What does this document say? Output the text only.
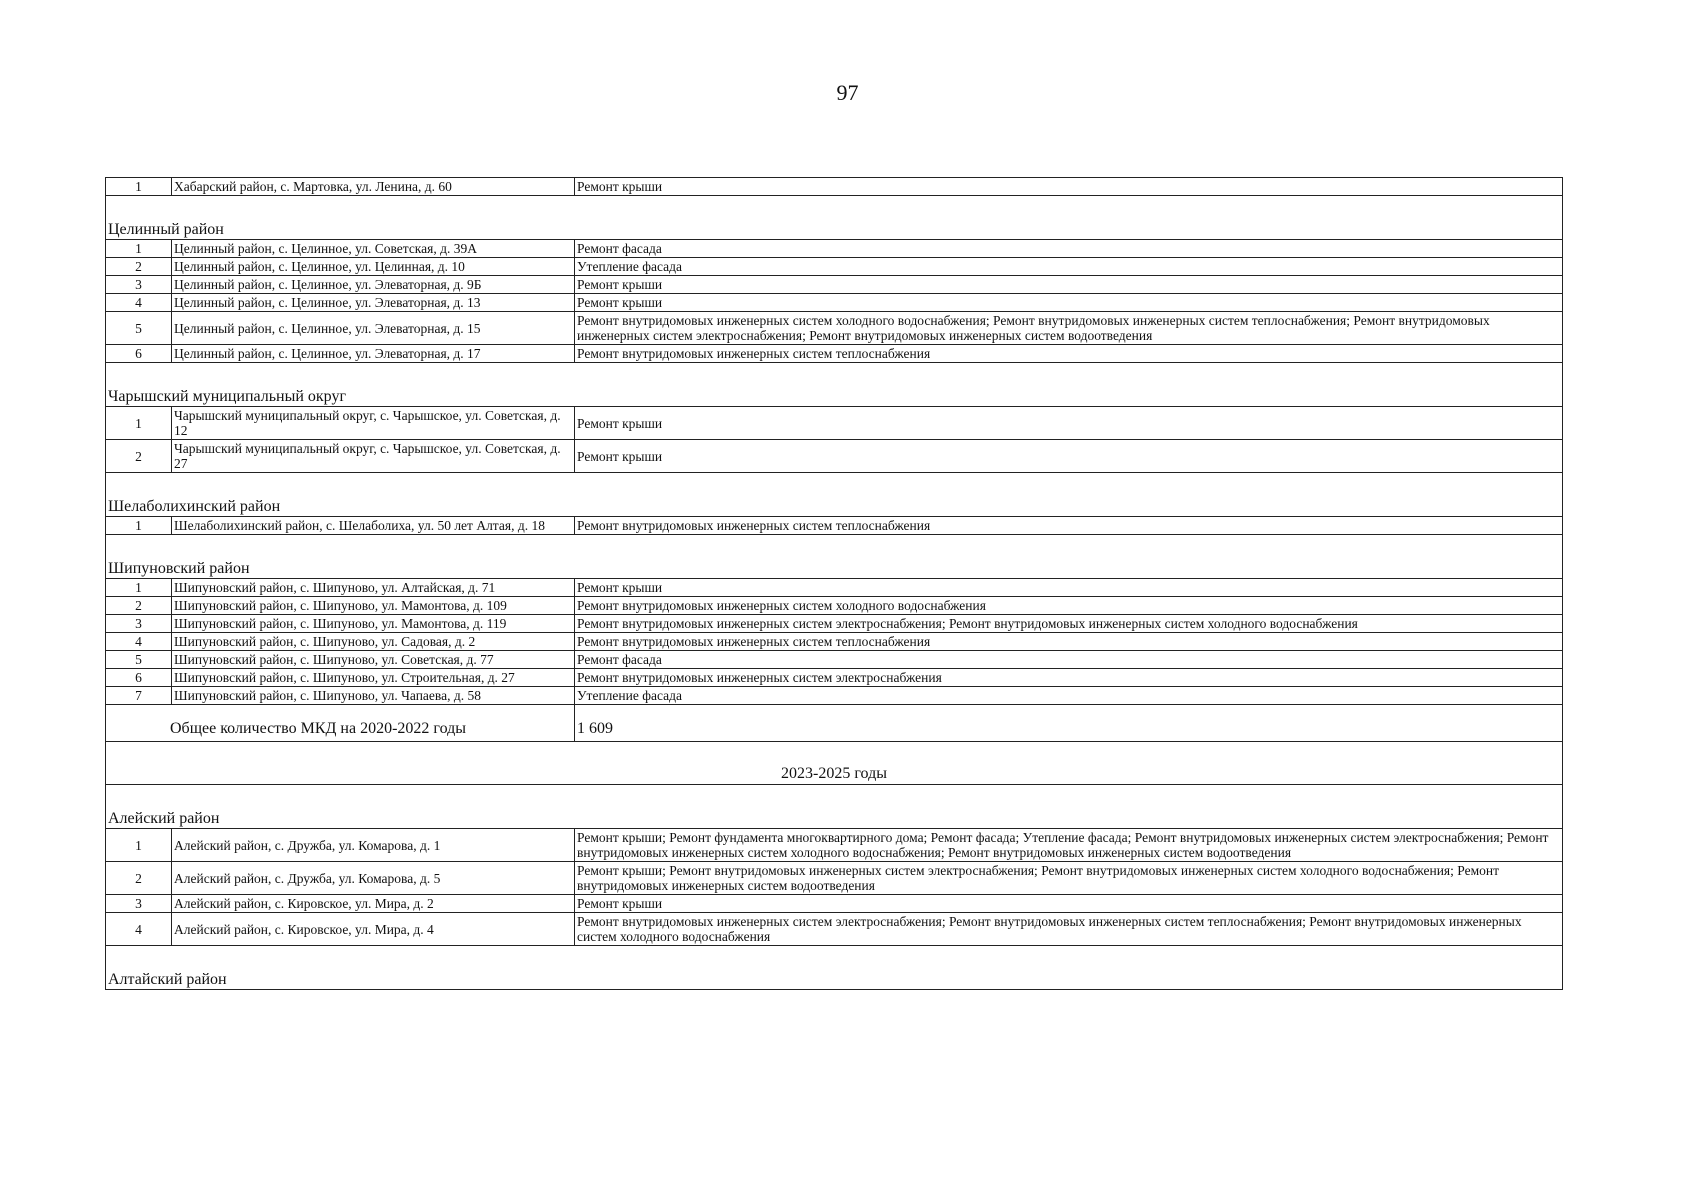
97
1	Хабарский район, с. Мартовка, ул. Ленина, д. 60	Ремонт крыши

Целинный район		
1	Целинный район, с. Целинное, ул. Советская, д. 39А	Ремонт фасада
2	Целинный район, с. Целинное, ул. Целинная, д. 10	Утепление фасада
3	Целинный район, с. Целинное, ул. Элеваторная, д. 9Б	Ремонт крыши
4	Целинный район, с. Целинное, ул. Элеваторная, д. 13	Ремонт крыши
5	Целинный район, с. Целинное, ул. Элеваторная, д. 15	Ремонт внутридомовых инженерных систем холодного водоснабжения; Ремонт внутридомовых инженерных систем теплоснабжения; Ремонт внутридомовых инженерных систем электроснабжения; Ремонт внутридомовых инженерных систем водоотведения
6	Целинный район, с. Целинное, ул. Элеваторная, д. 17	Ремонт внутридомовых инженерных систем теплоснабжения

Чарышский муниципальный округ		
1	Чарышский муниципальный округ, с. Чарышское, ул. Советская, д. 12	Ремонт крыши
2	Чарышский муниципальный округ, с. Чарышское, ул. Советская, д. 27	Ремонт крыши

Шелаболихинский район		
1	Шелаболихинский район, с. Шелаболиха, ул. 50 лет Алтая, д. 18	Ремонт внутридомовых инженерных систем теплоснабжения

Шипуновский район		
1	Шипуновский район, с. Шипуново, ул. Алтайская, д. 71	Ремонт крыши
2	Шипуновский район, с. Шипуново, ул. Мамонтова, д. 109	Ремонт внутридомовых инженерных систем холодного водоснабжения
3	Шипуновский район, с. Шипуново, ул. Мамонтова, д. 119	Ремонт внутридомовых инженерных систем электроснабжения; Ремонт внутридомовых инженерных систем холодного водоснабжения
4	Шипуновский район, с. Шипуново, ул. Садовая, д. 2	Ремонт внутридомовых инженерных систем теплоснабжения
5	Шипуновский район, с. Шипуново, ул. Советская, д. 77	Ремонт фасада
6	Шипуновский район, с. Шипуново, ул. Строительная, д. 27	Ремонт внутридомовых инженерных систем электроснабжения
7	Шипуновский район, с. Шипуново, ул. Чапаева, д. 58	Утепление фасада

Общее количество МКД на 2020-2022 годы		1 609
2023-2025 годы		

Алейский район		
1	Алейский район, с. Дружба, ул. Комарова, д. 1	Ремонт крыши; Ремонт фундамента многоквартирного дома; Ремонт фасада; Утепление фасада; Ремонт внутридомовых инженерных систем электроснабжения; Ремонт внутридомовых инженерных систем холодного водоснабжения; Ремонт внутридомовых инженерных систем водоотведения
2	Алейский район, с. Дружба, ул. Комарова, д. 5	Ремонт крыши; Ремонт внутридомовых инженерных систем электроснабжения; Ремонт внутридомовых инженерных систем холодного водоснабжения; Ремонт внутридомовых инженерных систем водоотведения
3	Алейский район, с. Кировское, ул. Мира, д. 2	Ремонт крыши
4	Алейский район, с. Кировское, ул. Мира, д. 4	Ремонт внутридомовых инженерных систем электроснабжения; Ремонт внутридомовых инженерных систем теплоснабжения; Ремонт внутридомовых инженерных систем холодного водоснабжения

Алтайский район		
